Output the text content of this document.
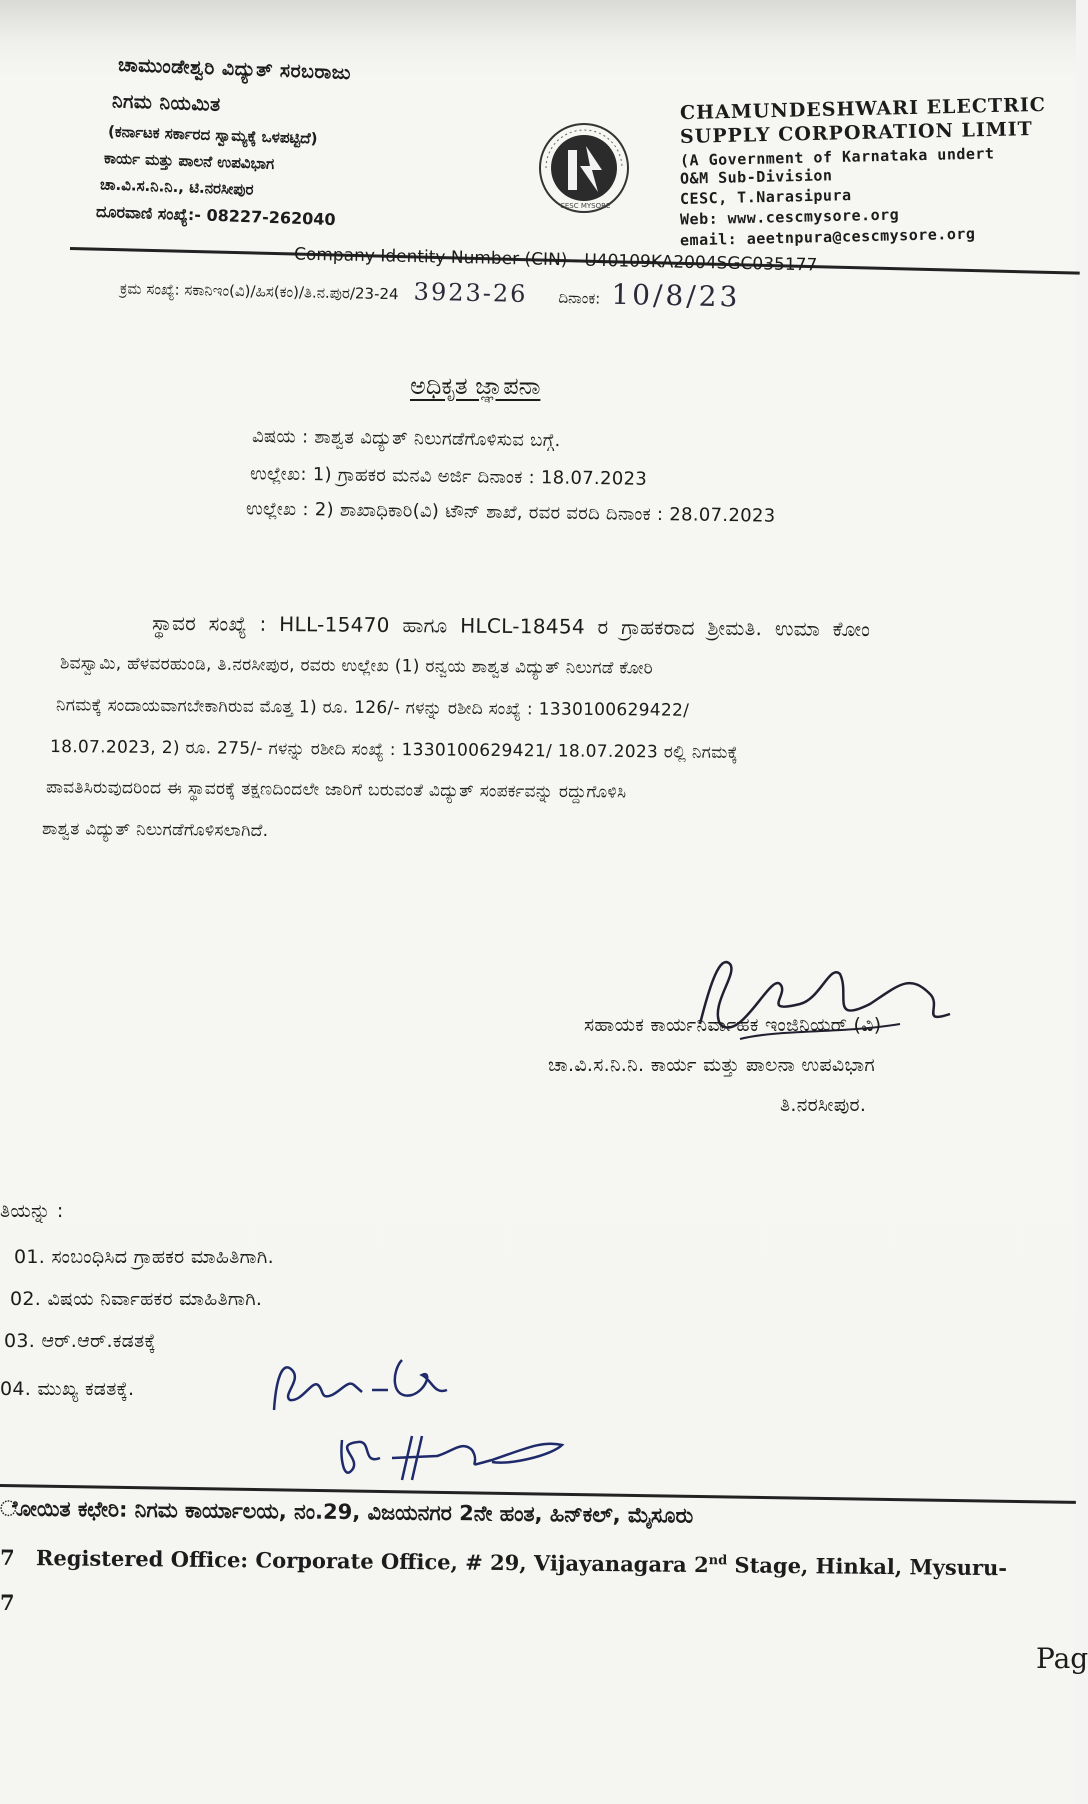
ಚಾಮುಂಡೇಶ್ವರಿ ವಿದ್ಯುತ್ ಸರಬರಾಜು
ನಿಗಮ ನಿಯಮಿತ
(ಕರ್ನಾಟಕ ಸರ್ಕಾರದ ಸ್ವಾಮ್ಯಕ್ಕೆ ಒಳಪಟ್ಟಿದೆ)
ಕಾರ್ಯ ಮತ್ತು ಪಾಲನೆ ಉಪವಿಭಾಗ
ಚಾ.ವಿ.ಸ.ನಿ.ನಿ., ಟಿ.ನರಸೀಪುರ
ದೂರವಾಣಿ ಸಂಖ್ಯೆ:- 08227-262040	CESC MYSORE
CHAMUNDESHWARI ELECTRIC
SUPPLY CORPORATION LIMIT
(A Government of Karnataka undert
O&M Sub-Division
CESC, T.Narasipura
Web: www.cescmysore.org
email: aeetnpura@cescmysore.org
Company Identity Number (CIN) - U40109KA2004SGC035177
ಕ್ರಮ ಸಂಖ್ಯೆ: ಸಕಾನಿಇಂ(ವಿ)/ಹಿಸ(ಕಂ)/ತಿ.ನ.ಪುರ/23-24 3923-26 ದಿನಾಂಕ: 10/8/23
ಅಧಿಕೃತ ಜ್ಞಾಪನಾ
ವಿಷಯ : ಶಾಶ್ವತ ವಿದ್ಯುತ್ ನಿಲುಗಡೆಗೊಳಿಸುವ ಬಗ್ಗೆ.
ಉಲ್ಲೇಖ: 1) ಗ್ರಾಹಕರ ಮನವಿ ಅರ್ಜಿ ದಿನಾಂಕ : 18.07.2023
ಉಲ್ಲೇಖ : 2) ಶಾಖಾಧಿಕಾರಿ(ವಿ) ಟೌನ್ ಶಾಖೆ, ರವರ ವರದಿ ದಿನಾಂಕ : 28.07.2023
ಸ್ಥಾವರ ಸಂಖ್ಯೆ : HLL-15470 ಹಾಗೂ HLCL-18454 ರ ಗ್ರಾಹಕರಾದ ಶ್ರೀಮತಿ. ಉಮಾ ಕೋಂ
ಶಿವಸ್ವಾಮಿ, ಹೆಳವರಹುಂಡಿ, ತಿ.ನರಸೀಪುರ, ರವರು ಉಲ್ಲೇಖ (1) ರನ್ವಯ ಶಾಶ್ವತ ವಿದ್ಯುತ್ ನಿಲುಗಡೆ ಕೋರಿ
ನಿಗಮಕ್ಕೆ ಸಂದಾಯವಾಗಬೇಕಾಗಿರುವ ಮೊತ್ತ 1) ರೂ. 126/- ಗಳನ್ನು ರಶೀದಿ ಸಂಖ್ಯೆ : 1330100629422/
18.07.2023, 2) ರೂ. 275/- ಗಳನ್ನು ರಶೀದಿ ಸಂಖ್ಯೆ : 1330100629421/ 18.07.2023 ರಲ್ಲಿ ನಿಗಮಕ್ಕೆ
ಪಾವತಿಸಿರುವುದರಿಂದ ಈ ಸ್ಥಾವರಕ್ಕೆ ತಕ್ಷಣದಿಂದಲೇ ಜಾರಿಗೆ ಬರುವಂತೆ ವಿದ್ಯುತ್ ಸಂಪರ್ಕವನ್ನು ರದ್ದುಗೊಳಿಸಿ
ಶಾಶ್ವತ ವಿದ್ಯುತ್ ನಿಲುಗಡೆಗೊಳಿಸಲಾಗಿದೆ.
ಸಹಾಯಕ ಕಾರ್ಯನಿರ್ವಾಹಕ ಇಂಜಿನಿಯರ್ (ವಿ)
ಚಾ.ವಿ.ಸ.ನಿ.ನಿ. ಕಾರ್ಯ ಮತ್ತು ಪಾಲನಾ ಉಪವಿಭಾಗ
ತಿ.ನರಸೀಪುರ.
ತಿಯನ್ನು :
01. ಸಂಬಂಧಿಸಿದ ಗ್ರಾಹಕರ ಮಾಹಿತಿಗಾಗಿ.
02. ವಿಷಯ ನಿರ್ವಾಹಕರ ಮಾಹಿತಿಗಾಗಿ.
03. ಆರ್.ಆರ್.ಕಡತಕ್ಕೆ
04. ಮುಖ್ಯ ಕಡತಕ್ಕೆ.
ೋಯಿತ ಕಛೇರಿ: ನಿಗಮ ಕಾರ್ಯಾಲಯ, ನಂ.29, ವಿಜಯನಗರ 2ನೇ ಹಂತ, ಹಿನ್‌ಕಲ್, ಮೈಸೂರು
7 Registered Office: Corporate Office, # 29, Vijayanagara 2nd Stage, Hinkal, Mysuru-
7
Pag
